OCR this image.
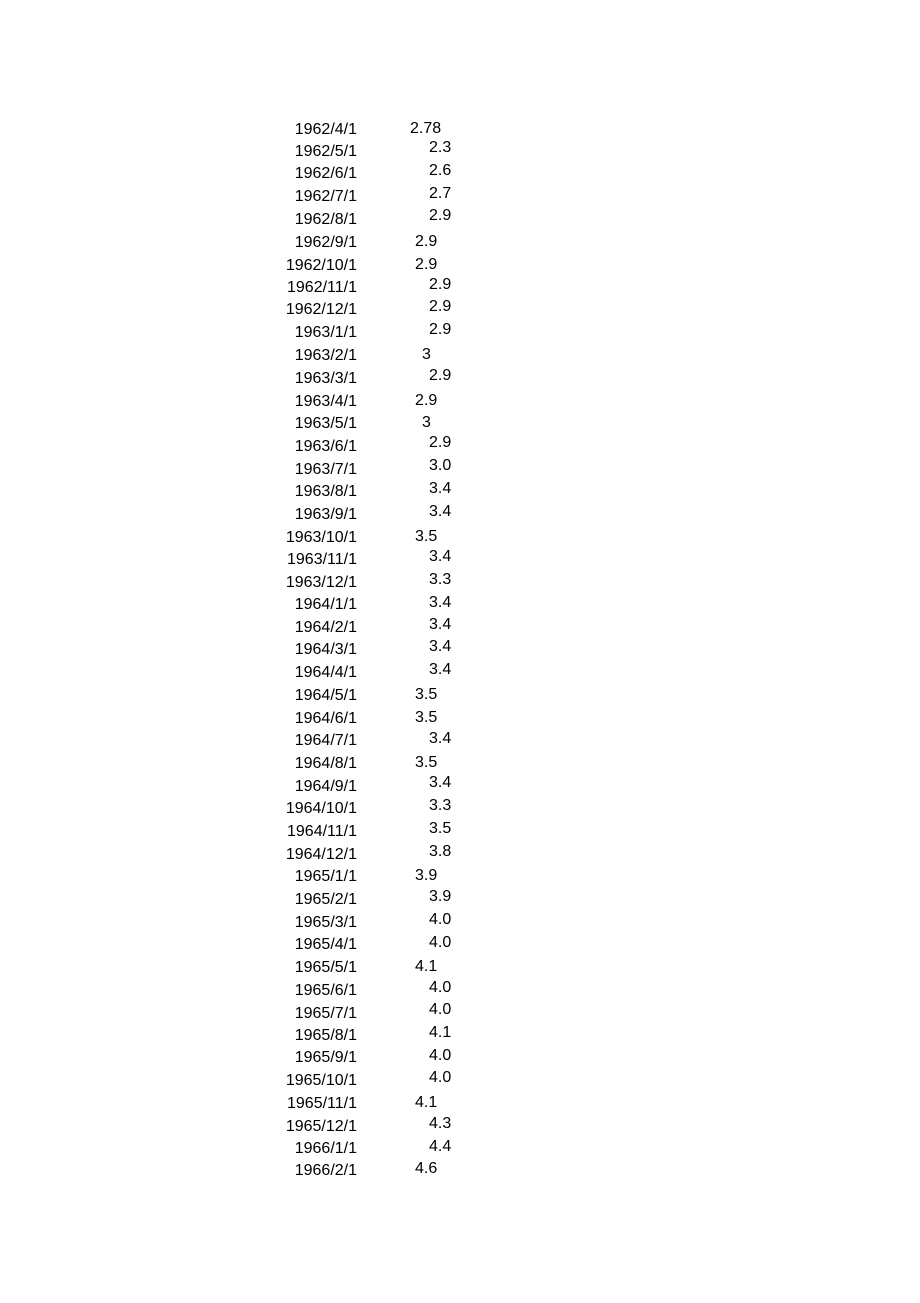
1962/4/1	2.78
1962/5/1	2.3
1962/6/1	2.6
1962/7/1	2.7
1962/8/1	2.9
1962/9/1	2.9
1962/10/1	2.9
1962/11/1	2.9
1962/12/1	2.9
1963/1/1	2.9
1963/2/1	3
1963/3/1	2.9
1963/4/1	2.9
1963/5/1	3
1963/6/1	2.9
1963/7/1	3.0
1963/8/1	3.4
1963/9/1	3.4
1963/10/1	3.5
1963/11/1	3.4
1963/12/1	3.3
1964/1/1	3.4
1964/2/1	3.4
1964/3/1	3.4
1964/4/1	3.4
1964/5/1	3.5
1964/6/1	3.5
1964/7/1	3.4
1964/8/1	3.5
1964/9/1	3.4
1964/10/1	3.3
1964/11/1	3.5
1964/12/1	3.8
1965/1/1	3.9
1965/2/1	3.9
1965/3/1	4.0
1965/4/1	4.0
1965/5/1	4.1
1965/6/1	4.0
1965/7/1	4.0
1965/8/1	4.1
1965/9/1	4.0
1965/10/1	4.0
1965/11/1	4.1
1965/12/1	4.3
1966/1/1	4.4
1966/2/1	4.6
